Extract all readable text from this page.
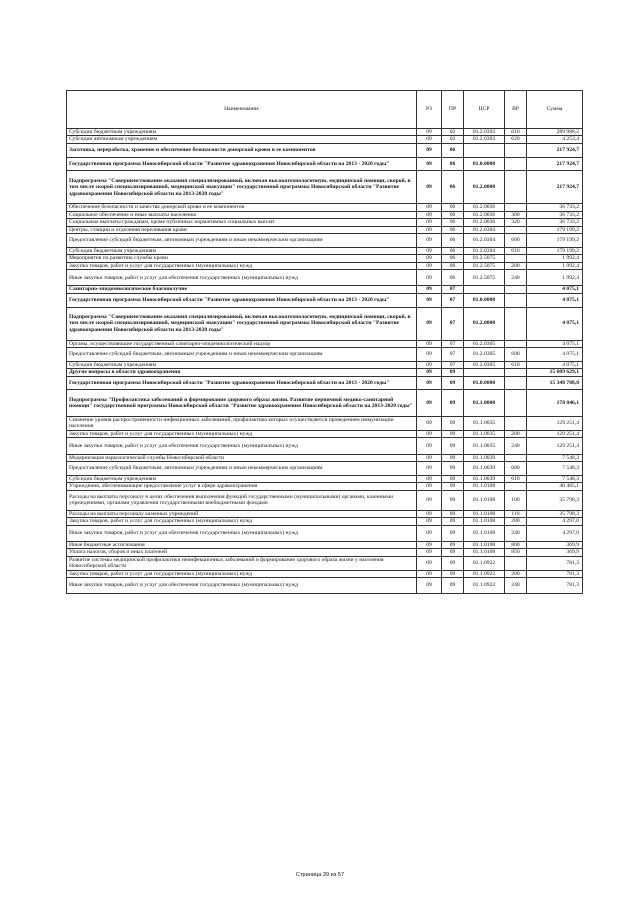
Наименование	РЗ	ПР	ЦСР	ВР	Сумма
Субсидии бюджетным учреждениям	09	02	01.2.0303	610	289 988,2
Субсидии автономным учреждениям	09	02	01.2.0303	620	4 253,4
Заготовка, переработка, хранение и обеспечение безопасности донорской крови и ее компонентов	09	06			217 924,7
Государственная программа Новосибирской области "Развитие здравоохранения Новосибирской области на 2013 - 2020 годы"	09	06	01.0.0000		217 924,7
Подпрограмма "Совершенствование оказания специализированной, включая высокотехнологичную, медицинской помощи, скорой, в том числе скорой специализированной, медицинской эвакуации" государственной программы Новосибирской области "Развитие здравоохранения Новосибирской области на 2013-2020 годы"	09	06	01.2.0000		217 924,7
Обеспечение безопасности и качества донорской крови и ее компонентов	09	06	01.2.0036		36 733,2
Социальное обеспечение и иные выплаты населению	09	06	01.2.0036	300	36 733,2
Социальные выплаты гражданам, кроме публичных нормативных социальных выплат	09	06	01.2.0036	320	36 733,2
Центры, станции и отделения переливания крови	09	06	01.2.0304		179 199,2
Предоставление субсидий бюджетным, автономным учреждениям и иным некоммерческим организациям	09	06	01.2.0304	600	179 199,2
Субсидии бюджетным учреждениям	09	06	01.2.0304	610	179 199,2
Мероприятия по развитию службы крови	09	06	01.2.5075		1 992,4
Закупка товаров, работ и услуг для государственных (муниципальных) нужд	09	06	01.2.5075	200	1 992,4
Иные закупки товаров, работ и услуг для обеспечения государственных (муниципальных) нужд	09	06	01.2.5075	240	1 992,4
Санитарно-эпидемиологическое благополучие	09	07			4 075,1
Государственная программа Новосибирской области "Развитие здравоохранения Новосибирской области на 2013 - 2020 годы"	09	07	01.0.0000		4 075,1
Подпрограмма "Совершенствование оказания специализированной, включая высокотехнологичную, медицинской помощи, скорой, в том числе скорой специализированной, медицинской эвакуации" государственной программы Новосибирской области "Развитие здравоохранения Новосибирской области на 2013-2020 годы"	09	07	01.2.0000		4 075,1
Органы, осуществляющие государственный санитарно-эпидемиологический надзор	09	07	01.2.0305		4 075,1
Предоставление субсидий бюджетным, автономным учреждениям и иным некоммерческим организациям	09	07	01.2.0305	600	4 075,1
Субсидии бюджетным учреждениям	09	07	01.2.0305	610	4 075,1
Другие вопросы в области здравоохранения	09	09			15 609 629,1
Государственная программа Новосибирской области "Развитие здравоохранения Новосибирской области на 2013 - 2020 годы"	09	09	01.0.0000		15 348 788,8
Подпрограмма "Профилактика заболеваний и формирование здорового образа жизни. Развитие первичной медико-санитарной помощи" государственной программы Новосибирской области "Развитие здравоохранения Новосибирской области на 2013-2020 годы"	09	09	01.1.0000		178 046,1
Снижение уровня распространенности инфекционных заболеваний, профилактика которых осуществляется проведением иммунизации населения	09	09	01.1.0035		129 251,4
Закупка товаров, работ и услуг для государственных (муниципальных) нужд	09	09	01.1.0035	200	129 251,4
Иные закупки товаров, работ и услуг для обеспечения государственных (муниципальных) нужд	09	09	01.1.0035	240	129 251,4
Модернизация наркологической службы Новосибирской области	09	09	01.1.0039		7 548,3
Предоставление субсидий бюджетным, автономным учреждениям и иным некоммерческим организациям	09	09	01.1.0039	600	7 548,3
Субсидии бюджетным учреждениям	09	09	01.1.0039	610	7 548,3
Учреждения, обеспечивающие предоставление услуг в сфере здравоохранения	09	09	01.1.0108		40 465,1
Расходы на выплаты персоналу в целях обеспечения выполнения функций государственными (муниципальными) органами, казенными учреждениями, органами управления государственными внебюджетными фондами	09	09	01.1.0108	100	35 798,3
Расходы на выплаты персоналу казенных учреждений	09	09	01.1.0108	110	35 798,3
Закупка товаров, работ и услуг для государственных (муниципальных) нужд	09	09	01.1.0108	200	4 297,0
Иные закупки товаров, работ и услуг для обеспечения государственных (муниципальных) нужд	09	09	01.1.0108	240	4 297,0
Иные бюджетные ассигнования	09	09	01.1.0108	800	369,9
Уплата налогов, сборов и иных платежей	09	09	01.1.0108	850	369,9
Развитие системы медицинской профилактики неинфекционных заболеваний и формирование здорового образа жизни у населения Новосибирской области	09	09	01.1.0922		781,3
Закупка товаров, работ и услуг для государственных (муниципальных) нужд	09	09	01.1.0922	200	781,3
Иные закупки товаров, работ и услуг для обеспечения государственных (муниципальных) нужд	09	09	01.1.0922	240	781,3
Страница 39 из 57
